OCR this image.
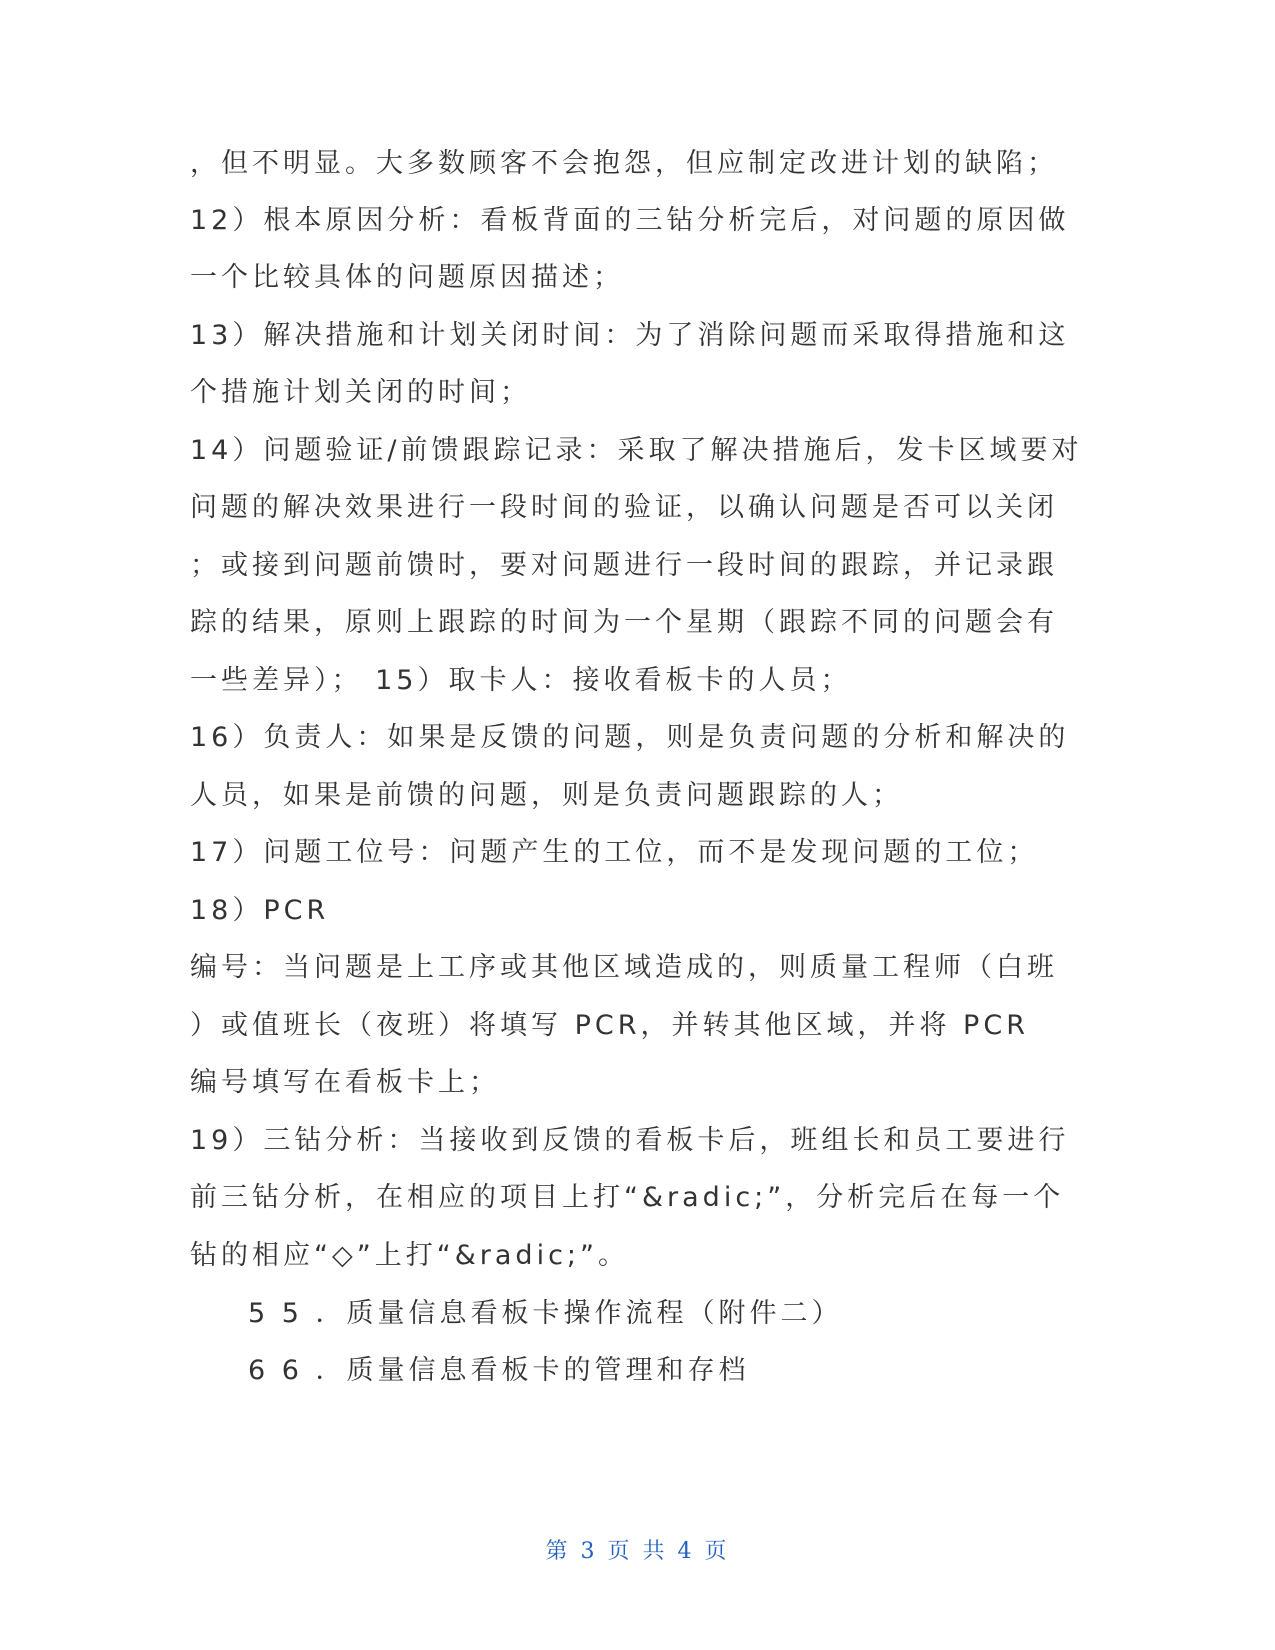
，但不明显。大多数顾客不会抱怨，但应制定改进计划的缺陷；
12）根本原因分析：看板背面的三钻分析完后，对问题的原因做
一个比较具体的问题原因描述；
13）解决措施和计划关闭时间：为了消除问题而采取得措施和这
个措施计划关闭的时间；
14）问题验证/前馈跟踪记录：采取了解决措施后，发卡区域要对
问题的解决效果进行一段时间的验证，以确认问题是否可以关闭
；或接到问题前馈时，要对问题进行一段时间的跟踪，并记录跟
踪的结果，原则上跟踪的时间为一个星期（跟踪不同的问题会有
一些差异）； 15）取卡人：接收看板卡的人员；
16）负责人：如果是反馈的问题，则是负责问题的分析和解决的
人员，如果是前馈的问题，则是负责问题跟踪的人；
17）问题工位号：问题产生的工位，而不是发现问题的工位；
18）PCR
编号：当问题是上工序或其他区域造成的，则质量工程师（白班
）或值班长（夜班）将填写 PCR，并转其他区域，并将 PCR
编号填写在看板卡上；
19）三钻分析：当接收到反馈的看板卡后，班组长和员工要进行
前三钻分析，在相应的项目上打“&radic;”，分析完后在每一个
钻的相应“◇”上打“&radic;”。
5 5 ．质量信息看板卡操作流程（附件二）
6 6 ．质量信息看板卡的管理和存档
第 3 页 共 4 页
